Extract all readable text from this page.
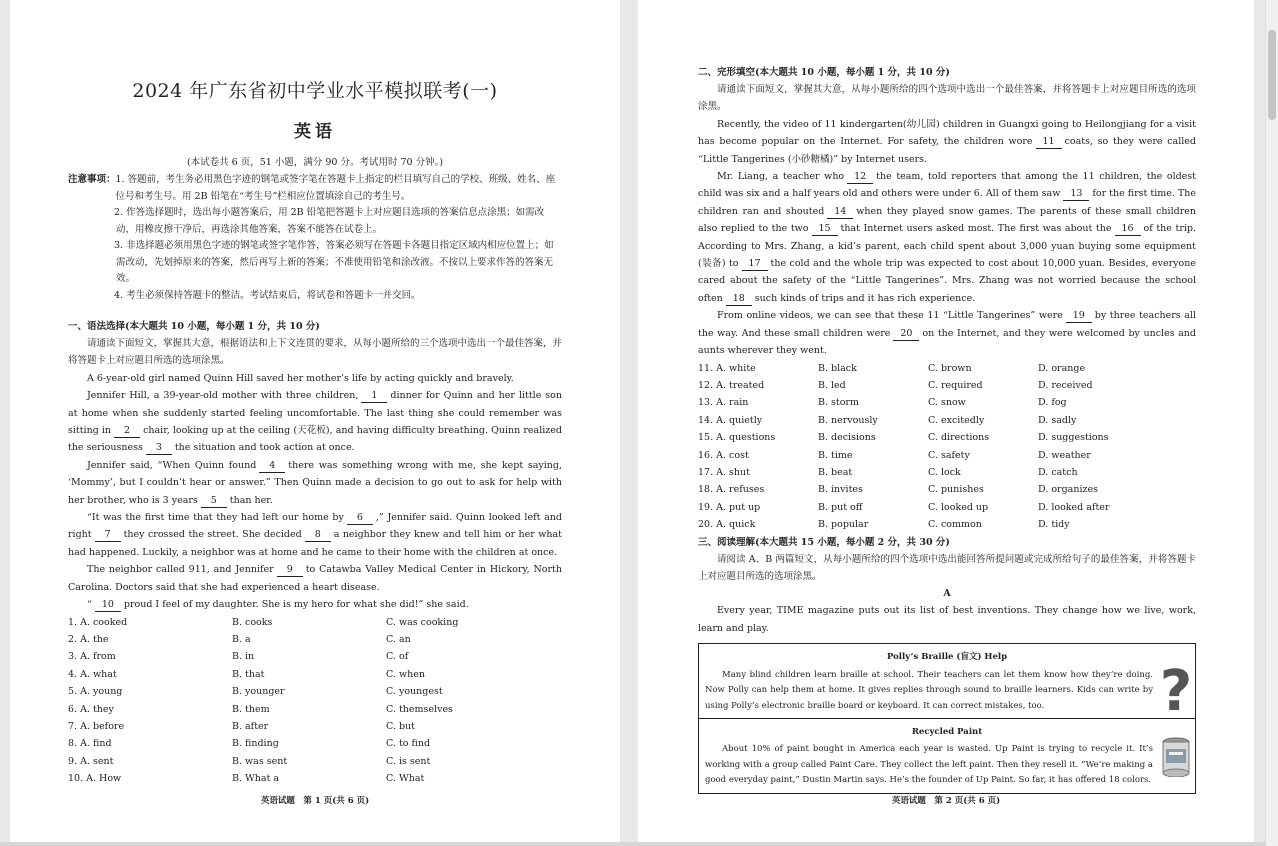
2024 年广东省初中学业水平模拟联考(一)
英语
(本试卷共 6 页，51 小题，满分 90 分。考试用时 70 分钟。)
注意事项： 1. 答题前，考生务必用黑色字迹的钢笔或签字笔在答题卡上指定的栏目填写自己的学校、班级、姓名、座位号和考生号。用 2B 铅笔在“考生号”栏相应位置填涂自己的考生号。
2. 作答选择题时，选出每小题答案后，用 2B 铅笔把答题卡上对应题目选项的答案信息点涂黑；如需改动，用橡皮擦干净后，再选涂其他答案，答案不能答在试卷上。
3. 非选择题必须用黑色字迹的钢笔或签字笔作答，答案必须写在答题卡各题目指定区域内相应位置上；如需改动，先划掉原来的答案，然后再写上新的答案；不准使用铅笔和涂改液。不按以上要求作答的答案无效。
4. 考生必须保持答题卡的整洁。考试结束后，将试卷和答题卡一并交回。
一、语法选择(本大题共 10 小题，每小题 1 分，共 10 分)

请通读下面短文，掌握其大意，根据语法和上下文连贯的要求，从每小题所给的三个选项中选出一个最佳答案，并将答题卡上对应题目所选的选项涂黑。

A 6-year-old girl named Quinn Hill saved her mother’s life by acting quickly and bravely.

Jennifer Hill, a 39-year-old mother with three children, 1 dinner for Quinn and her little son at home when she suddenly started feeling uncomfortable. The last thing she could remember was sitting in 2 chair, looking up at the ceiling (天花板), and having difficulty breathing. Quinn realized the seriousness 3 the situation and took action at once.

Jennifer said, “When Quinn found 4 there was something wrong with me, she kept saying, ‘Mommy’, but I couldn’t hear or answer.” Then Quinn made a decision to go out to ask for help with her brother, who is 3 years 5 than her.

“It was the first time that they had left our home by 6 ,” Jennifer said. Quinn looked left and right 7 they crossed the street. She decided 8 a neighbor they knew and tell him or her what had happened. Luckily, a neighbor was at home and he came to their home with the children at once.

The neighbor called 911, and Jennifer 9 to Catawba Valley Medical Center in Hickory, North Carolina. Doctors said that she had experienced a heart disease.

“ 10 proud I feel of my daughter. She is my hero for what she did!” she said.

1. A. cooked	B. cooks	C. was cooking
2. A. the	B. a	C. an
3. A. from	B. in	C. of
4. A. what	B. that	C. when
5. A. young	B. younger	C. youngest
6. A. they	B. them	C. themselves
7. A. before	B. after	C. but
8. A. find	B. finding	C. to find
9. A. sent	B. was sent	C. is sent
10. A. How	B. What a	C. What
英语试题　第 1 页(共 6 页)
二、完形填空(本大题共 10 小题，每小题 1 分，共 10 分)

请通读下面短文，掌握其大意，从每小题所给的四个选项中选出一个最佳答案，并将答题卡上对应题目所选的选项涂黑。

Recently, the video of 11 kindergarten(幼儿园) children in Guangxi going to Heilongjiang for a visit has become popular on the Internet. For safety, the children wore 11 coats, so they were called “Little Tangerines (小砂糖橘)” by Internet users.

Mr. Liang, a teacher who 12 the team, told reporters that among the 11 children, the oldest child was six and a half years old and others were under 6. All of them saw 13 for the first time. The children ran and shouted 14 when they played snow games. The parents of these small children also replied to the two 15 that Internet users asked most. The first was about the 16 of the trip. According to Mrs. Zhang, a kid’s parent, each child spent about 3,000 yuan buying some equipment (装备) to 17 the cold and the whole trip was expected to cost about 10,000 yuan. Besides, everyone cared about the safety of the “Little Tangerines”. Mrs. Zhang was not worried because the school often 18 such kinds of trips and it has rich experience.

From online videos, we can see that these 11 “Little Tangerines” were 19 by three teachers all the way. And these small children were 20 on the Internet, and they were welcomed by uncles and aunts wherever they went.

11. A. white	B. black	C. brown	D. orange
12. A. treated	B. led	C. required	D. received
13. A. rain	B. storm	C. snow	D. fog
14. A. quietly	B. nervously	C. excitedly	D. sadly
15. A. questions	B. decisions	C. directions	D. suggestions
16. A. cost	B. time	C. safety	D. weather
17. A. shut	B. beat	C. lock	D. catch
18. A. refuses	B. invites	C. punishes	D. organizes
19. A. put up	B. put off	C. looked up	D. looked after
20. A. quick	B. popular	C. common	D. tidy
三、阅读理解(本大题共 15 小题，每小题 2 分，共 30 分)

请阅读 A、B 两篇短文，从每小题所给的四个选项中选出能回答所提问题或完成所给句子的最佳答案，并将答题卡上对应题目所选的选项涂黑。

A

Every year, TIME magazine puts out its list of best inventions. They change how we live, work, learn and play.

Polly’s Braille (盲文) Help
Many blind children learn braille at school. Their teachers can let them know how they’re doing. Now Polly can help them at home. It gives replies through sound to braille learners. Kids can write by using Polly’s electronic braille board or keyboard. It can correct mistakes, too.	?
Recycled Paint
About 10% of paint bought in America each year is wasted. Up Paint is trying to recycle it. It’s working with a group called Paint Care. They collect the left paint. Then they resell it. “We’re making a good everyday paint,” Dustin Martin says. He’s the founder of Up Paint. So far, it has offered 18 colors.
英语试题　第 2 页(共 6 页)
